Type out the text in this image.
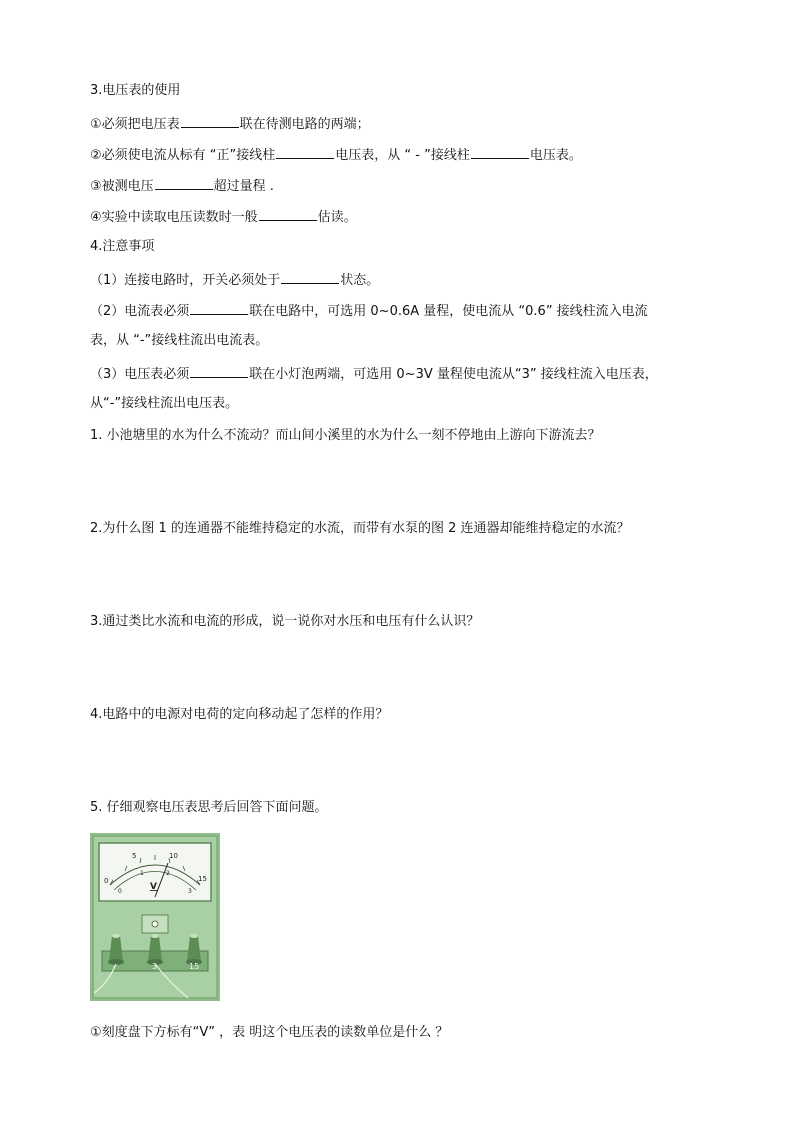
3.电压表的使用
①必须把电压表	联在待测电路的两端；
②必须使电流从标有 “正”接线柱	电压表，从 “ - ”接线柱	电压表。
③被测电压	超过量程 .
④实验中读取电压读数时一般	估读。
4.注意事项
（1）连接电路时，开关必须处于	状态。
（2）电流表必须	联在电路中，可选用 0~0.6A 量程，使电流从 “0.6” 接线柱流入电流
表，从 “-”接线柱流出电流表。
（3）电压表必须	联在小灯泡两端，可选用 0~3V 量程使电流从“3” 接线柱流入电压表，
从“-”接线柱流出电压表。
1. 小池塘里的水为什么不流动？而山间小溪里的水为什么一刻不停地由上游向下游流去？
2.为什么图 1 的连通器不能维持稳定的水流，而带有水泵的图 2 连通器却能维持稳定的水流？
3.通过类比水流和电流的形成，说一说你对水压和电压有什么认识？
4.电路中的电源对电荷的定向移动起了怎样的作用？
5. 仔细观察电压表思考后回答下面问题。
0
5	10
15
0
1	2
3
V
-	3	15
①刻度盘下方标有“V” ，表 明这个电压表的读数单位是什么 ？
